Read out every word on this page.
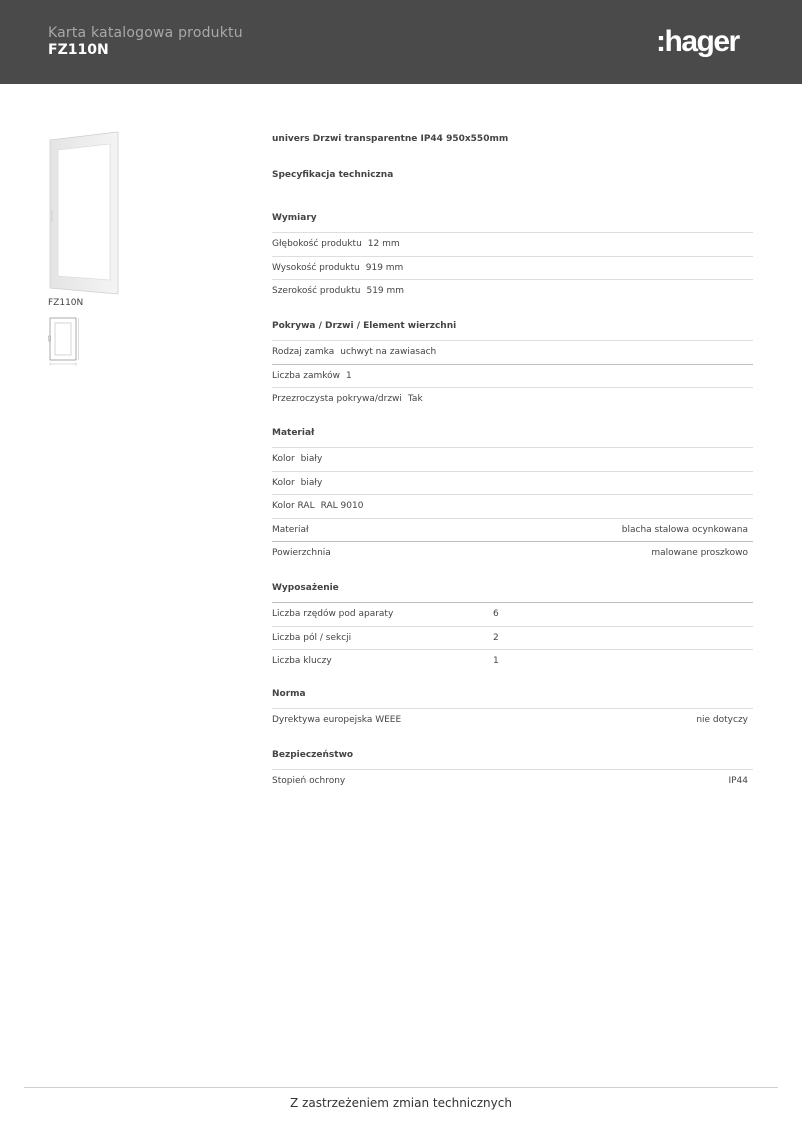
Karta katalogowa produktu
FZ110N	:hager
FZ110N
univers Drzwi transparentne IP44 950x550mm
Specyfikacja techniczna
Wymiary
Głębokość produktu 12 mm
Wysokość produktu 919 mm
Szerokość produktu 519 mm
Pokrywa / Drzwi / Element wierzchni
Rodzaj zamka uchwyt na zawiasach
Liczba zamków 1
Przezroczysta pokrywa/drzwi Tak
Materiał
Kolor biały
Kolor biały
Kolor RAL RAL 9010
Materiał	blacha stalowa ocynkowana
Powierzchnia	malowane proszkowo
Wyposażenie
Liczba rzędów pod aparaty	6
Liczba pól / sekcji	2
Liczba kluczy	1
Norma
Dyrektywa europejska WEEE	nie dotyczy
Bezpieczeństwo
Stopień ochrony	IP44
Z zastrzeżeniem zmian technicznych
